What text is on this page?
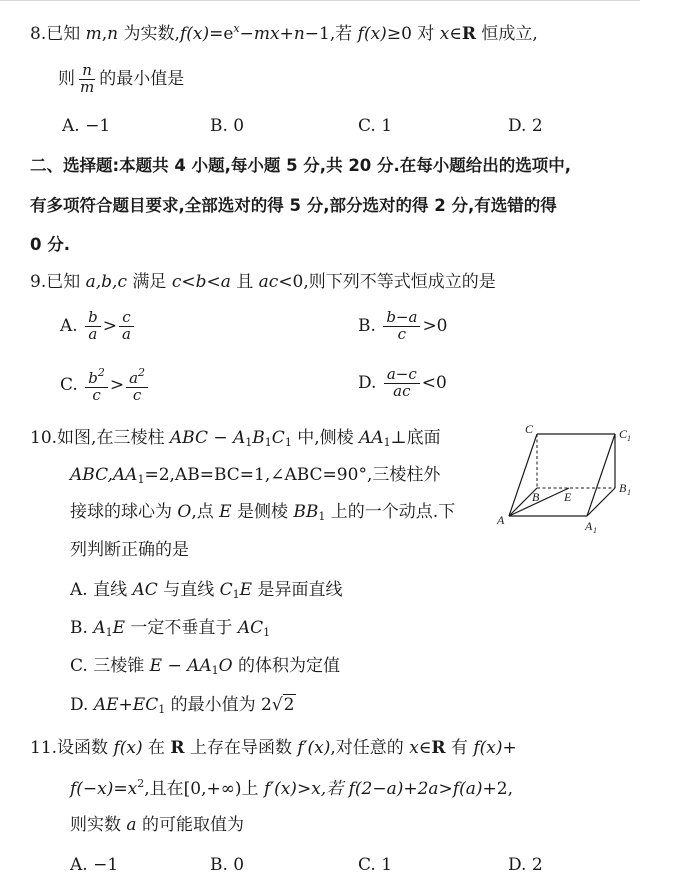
8.已知 m,n 为实数$,f(x)=e^x-mx+n-1$,若 f(x)≥0 对 x∈R 恒成立,
则 $\frac{n}{m}$ 的最小值是
A. −1	B. 0	C. 1	D. 2
二、选择题:本题共 4 小题,每小题 5 分,共 20 分.在每小题给出的选项中,
有多项符合题目要求,全部选对的得 5 分,部分选对的得 2 分,有选错的得
0 分.
9.已知 a,b,c 满足 c<b<a 且 ac<0,则下列不等式恒成立的是
A. $\frac{b}{a} > \frac{c}{a}$	B. $\frac{b-a}{c} >0$
C. $\frac{b^2}{c} > \frac{a^2}{c}$	D. $\frac{a-c}{ac} <0$
10.如图,在三棱柱 ABC − $A_1B_1C_1$ 中,侧棱 $AA_1\perp$底面
$ABC,AA_1=2,AB=BC=1,\angle ABC=90^\circ$,三棱柱外
接球的球心为 O,点 E 是侧棱 $BB_1$ 上的一个动点.下
列判断正确的是
C	C 1
B E
B 1
A	A 1
A. 直线 AC 与直线 $C_1E$ 是异面直线
B. $A_1E$ 一定不垂直于 $AC_1$
C. 三棱锥 $E - AA_1O$ 的体积为定值
D. $AE+EC_1$ 的最小值为 2√2
11.设函数 f(x) 在 R 上存在导函数 f′(x),对任意的 x∈R 有 f(x)+
$f(-x)=x^2$,且在[0,+∞)上 f′(x)>x,若 f(2−a)+2a>f(a)+2,
则实数 a 的可能取值为
A. −1	B. 0	C. 1	D. 2
